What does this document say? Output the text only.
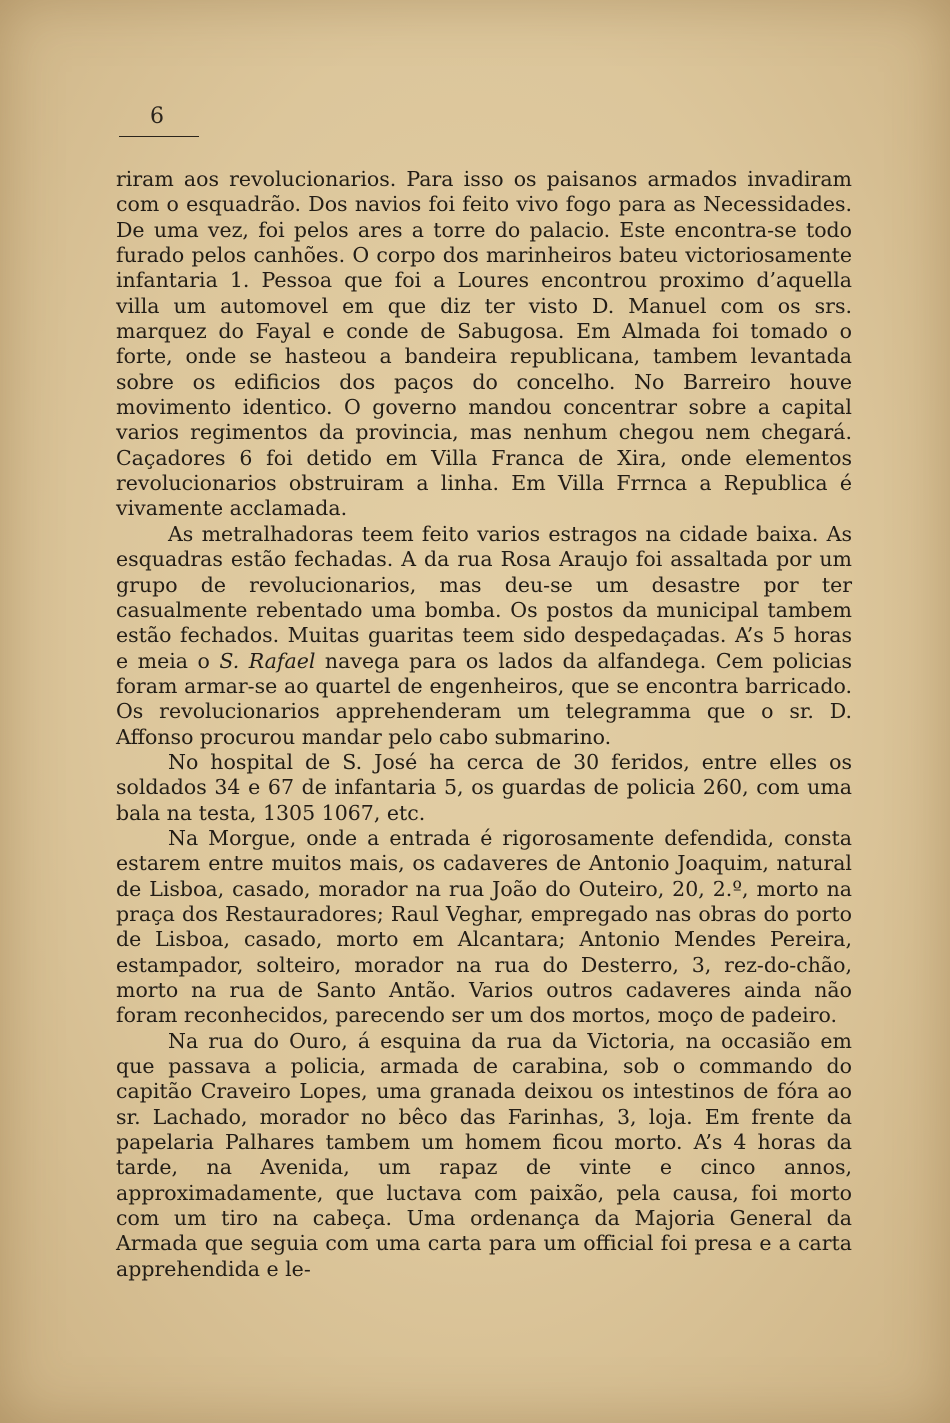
6

riram aos revolucionarios. Para isso os paisanos armados invadiram com o esquadrão. Dos navios foi feito vivo fogo para as Necessidades. De uma vez, foi pelos ares a torre do palacio. Este encontra-se todo furado pelos canhões. O corpo dos marinheiros bateu victoriosamente infantaria 1. Pessoa que foi a Loures encontrou proximo d’aquella villa um automovel em que diz ter visto D. Manuel com os srs. marquez do Fayal e conde de Sabugosa. Em Almada foi tomado o forte, onde se hasteou a bandeira republicana, tambem levantada sobre os edificios dos paços do concelho. No Barreiro houve movimento identico. O governo mandou concentrar sobre a capital varios regimentos da provincia, mas nenhum chegou nem chegará. Caçadores 6 foi detido em Villa Franca de Xira, onde elementos revolucionarios obstruiram a linha. Em Villa Frrnca a Republica é vivamente acclamada.

As metralhadoras teem feito varios estragos na cidade baixa. As esquadras estão fechadas. A da rua Rosa Araujo foi assaltada por um grupo de revolucionarios, mas deu-se um desastre por ter casualmente rebentado uma bomba. Os postos da municipal tambem estão fechados. Muitas guaritas teem sido despedaçadas. A’s 5 horas e meia o S. Rafael navega para os lados da alfandega. Cem policias foram armar-se ao quartel de engenheiros, que se encontra barricado. Os revolucionarios apprehenderam um telegramma que o sr. D. Affonso procurou mandar pelo cabo submarino.

No hospital de S. José ha cerca de 30 feridos, entre elles os soldados 34 e 67 de infantaria 5, os guardas de policia 260, com uma bala na testa, 1305 1067, etc.

Na Morgue, onde a entrada é rigorosamente defendida, consta estarem entre muitos mais, os cadaveres de Antonio Joaquim, natural de Lisboa, casado, morador na rua João do Outeiro, 20, 2.º, morto na praça dos Restauradores; Raul Veghar, empregado nas obras do porto de Lisboa, casado, morto em Alcantara; Antonio Mendes Pereira, estampador, solteiro, morador na rua do Desterro, 3, rez-do-chão, morto na rua de Santo Antão. Varios outros cadaveres ainda não foram reconhecidos, parecendo ser um dos mortos, moço de padeiro.

Na rua do Ouro, á esquina da rua da Victoria, na occasião em que passava a policia, armada de carabina, sob o commando do capitão Craveiro Lopes, uma granada deixou os intestinos de fóra ao sr. Lachado, morador no bêco das Farinhas, 3, loja. Em frente da papelaria Palhares tambem um homem ficou morto. A’s 4 horas da tarde, na Avenida, um rapaz de vinte e cinco annos, approximadamente, que luctava com paixão, pela causa, foi morto com um tiro na cabeça. Uma ordenança da Majoria General da Armada que seguia com uma carta para um official foi presa e a carta apprehendida e le-
